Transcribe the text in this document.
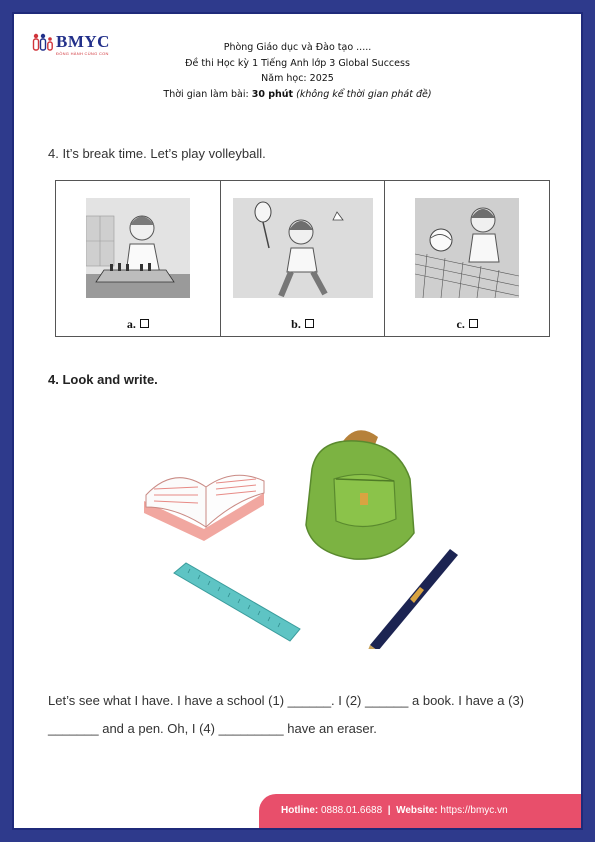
BMYC
ĐỒNG HÀNH CÙNG CON
Phòng Giáo dục và Đào tạo .....
Đề thi Học kỳ 1 Tiếng Anh lớp 3 Global Success
Năm học: 2025
Thời gian làm bài: 30 phút (không kể thời gian phát đề)
4. It’s break time. Let’s play volleyball.
a.	b.	c.
4. Look and write.
Let’s see what I have. I have a school (1) ______. I (2) ______ a book. I have a (3) _______ and a pen. Oh, I (4) _________ have an eraser.
Hotline: 0888.01.6688 | Website: https://bmyc.vn
